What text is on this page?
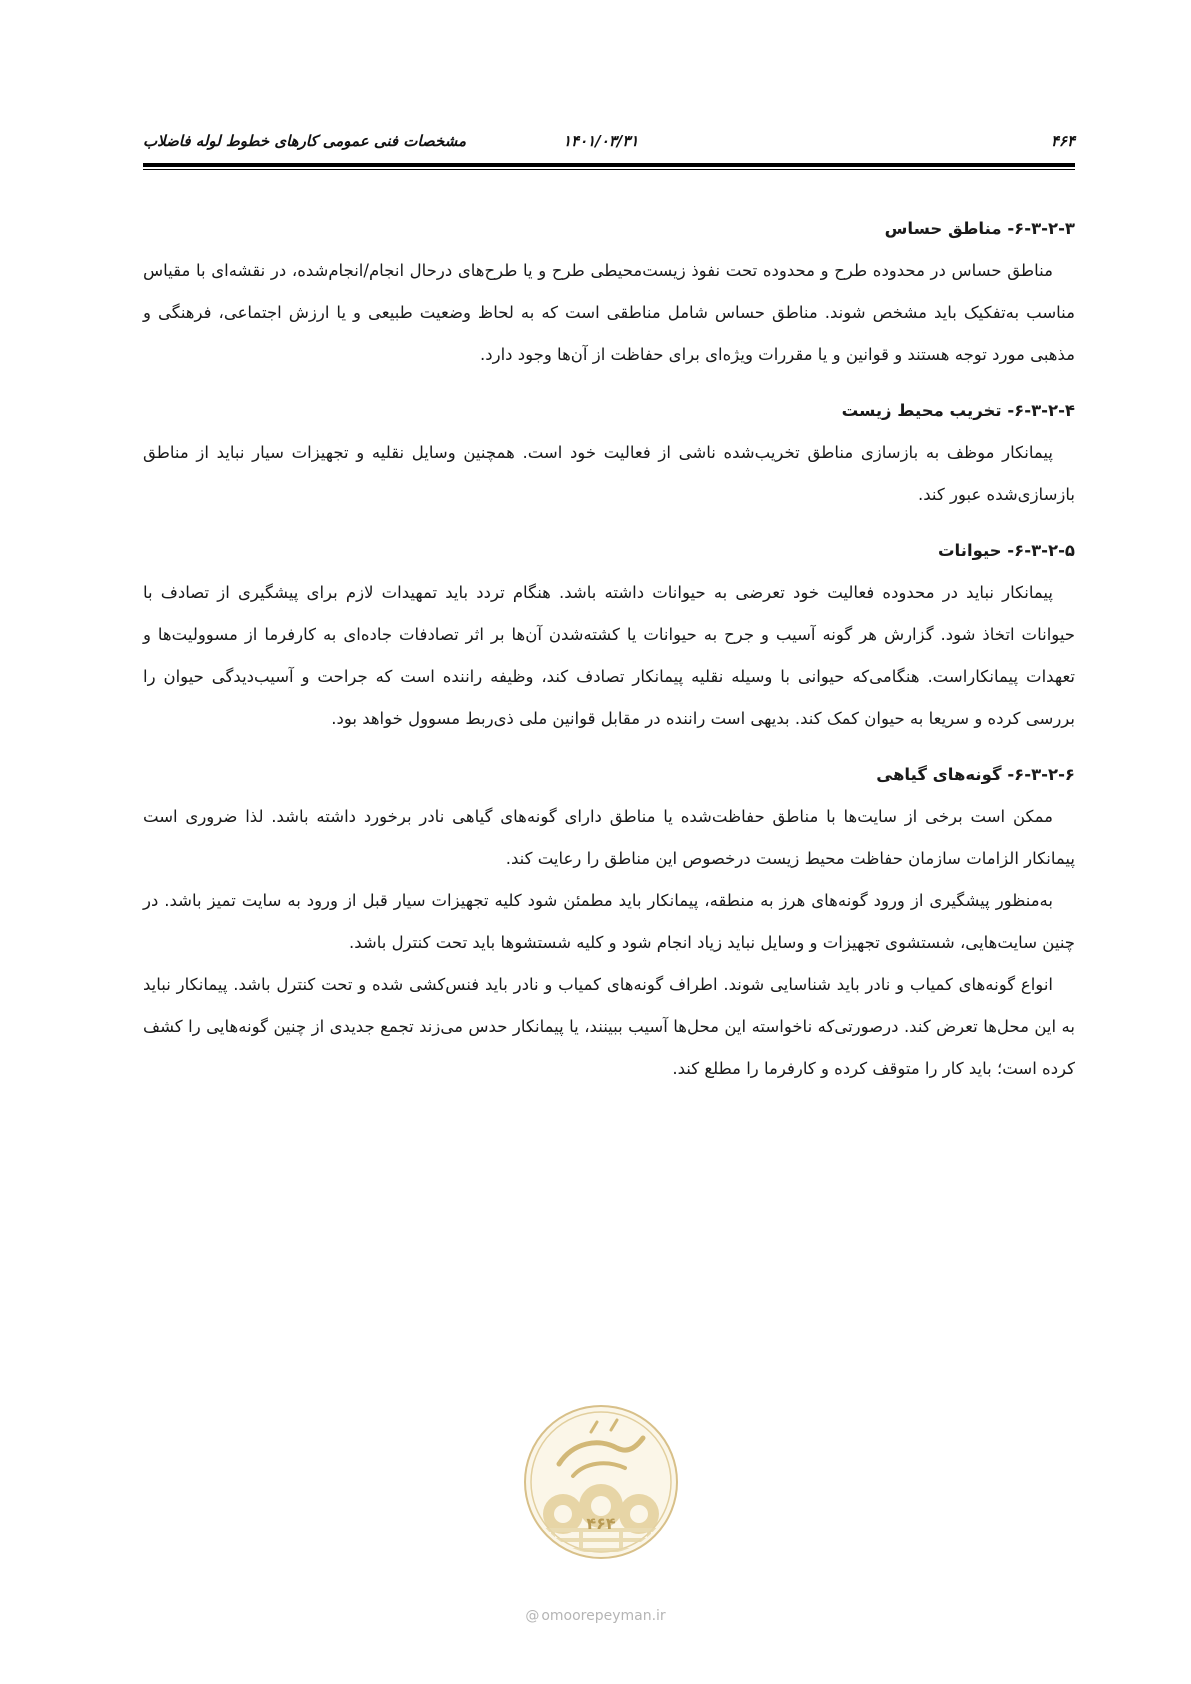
مشخصات فنی عمومی کارهای خطوط لوله فاضلاب	۱۴۰۱/۰۳/۳۱	۴۶۴
۶-۳-۲-۳- مناطق حساس

مناطق حساس در محدوده طرح و محدوده تحت نفوذ زیست‌محیطی طرح و یا طرح‌های درحال انجام/انجام‌شده، در نقشه‌ای با مقیاس مناسب به‌تفکیک باید مشخص شوند. مناطق حساس شامل مناطقی است که به لحاظ وضعیت طبیعی و یا ارزش اجتماعی، فرهنگی و مذهبی مورد توجه هستند و قوانین و یا مقررات ویژه‌ای برای حفاظت از آن‌ها وجود دارد.

۶-۳-۲-۴- تخریب محیط زیست

پیمانکار موظف به بازسازی مناطق تخریب‌شده ناشی از فعالیت خود است. همچنین وسایل نقلیه و تجهیزات سیار نباید از مناطق بازسازی‌شده عبور کند.

۶-۳-۲-۵- حیوانات

پیمانکار نباید در محدوده فعالیت خود تعرضی به حیوانات داشته باشد. هنگام تردد باید تمهیدات لازم برای پیشگیری از تصادف با حیوانات اتخاذ شود. گزارش هر گونه آسیب و جرح به حیوانات یا کشته‌شدن آن‌ها بر اثر تصادفات جاده‌ای به کارفرما از مسوولیت‌ها و تعهدات پیمانکاراست. هنگامی‌که حیوانی با وسیله نقلیه پیمانکار تصادف کند، وظیفه راننده است که جراحت و آسیب‌دیدگی حیوان را بررسی کرده و سریعا به حیوان کمک کند. بدیهی است راننده در مقابل قوانین ملی ذی‌ربط مسوول خواهد بود.

۶-۳-۲-۶- گونه‌های گیاهی

ممکن است برخی از سایت‌ها با مناطق حفاظت‌شده یا مناطق دارای گونه‌های گیاهی نادر برخورد داشته باشد. لذا ضروری است پیمانکار الزامات سازمان حفاظت محیط زیست درخصوص این مناطق را رعایت کند.

به‌منظور پیشگیری از ورود گونه‌های هرز به منطقه، پیمانکار باید مطمئن شود کلیه تجهیزات سیار قبل از ورود به سایت تمیز باشد. در چنین سایت‌هایی، شستشوی تجهیزات و وسایل نباید زیاد انجام شود و کلیه شستشوها باید تحت کنترل باشد.

انواع گونه‌های کمیاب و نادر باید شناسایی شوند. اطراف گونه‌های کمیاب و نادر باید فنس‌کشی شده و تحت کنترل باشد. پیمانکار نباید به این محل‌ها تعرض کند. درصورتی‌که ناخواسته این محل‌ها آسیب ببینند، یا پیمانکار حدس می‌زند تجمع جدیدی از چنین گونه‌هایی را کشف کرده است؛ باید کار را متوقف کرده و کارفرما را مطلع کند.

۴۶۴
@ omoorepeyman.ir
